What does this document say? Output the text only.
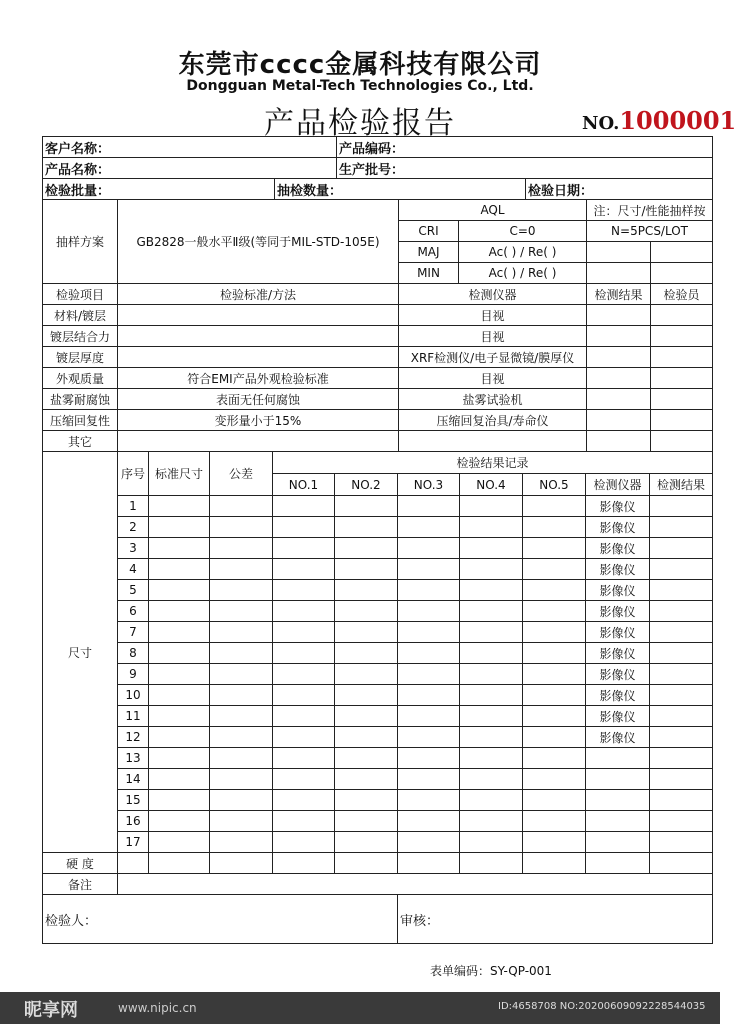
东莞市cccc金属科技有限公司
Dongguan Metal-Tech Technologies Co., Ltd.
产品检验报告	NO.1000001
客户名称：		产品编码：	
产品名称：		生产批号：	
检验批量：	抽检数量：		检验日期：
抽样方案	GB2828一般水平Ⅱ级(等同于MIL-STD-105E)	AQL		注：尺寸/性能抽样按	
		CRI	C=0	N=5PCS/LOT	
		MAJ	Ac( ) / Re( )		
		MIN	Ac( ) / Re( )		
检验项目	检验标准/方法	检测仪器		检测结果	检验员
材料/镀层		目视			
镀层结合力		目视			
镀层厚度		XRF检测仪/电子显微镜/膜厚仪			
外观质量	符合EMI产品外观检验标准	目视			
盐雾耐腐蚀	表面无任何腐蚀	盐雾试验机			
压缩回复性	变形量小于15%	压缩回复治具/寿命仪			
其它					
尺寸	序号	标准尺寸	公差	检验结果记录						
				NO.1	NO.2	NO.3	NO.4	NO.5	检测仪器	检测结果
	1								影像仪	
	2								影像仪	
	3								影像仪	
	4								影像仪	
	5								影像仪	
	6								影像仪	
	7								影像仪	
	8								影像仪	
	9								影像仪	
	10								影像仪	
	11								影像仪	
	12								影像仪	
	13									
	14									
	15									
	16									
	17									
硬 度										
备注										
检验人：	审核：
表单编码：SY-QP-001
昵享网	www.nipic.cn	ID:4658708 NO:20200609092228544035
